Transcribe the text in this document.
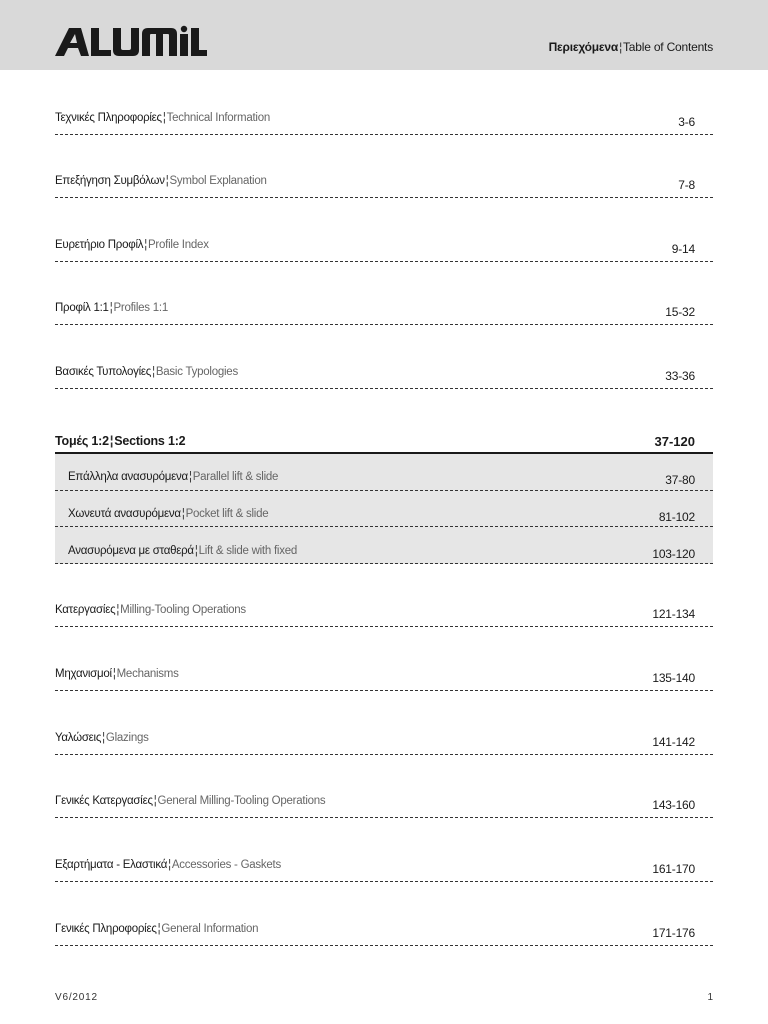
Περιεχόμενα¦Table of Contents
Τεχνικές Πληροφορίες¦Technical Information	3-6
Επεξήγηση Συμβόλων¦Symbol Explanation	7-8
Ευρετήριο Προφίλ¦Profile Index	9-14
Προφίλ 1:1¦Profiles 1:1	15-32
Βασικές Τυπολογίες¦Basic Typologies	33-36
Τομές 1:2¦Sections 1:2	37-120
Επάλληλα ανασυρόμενα¦Parallel lift & slide	37-80
Χωνευτά ανασυρόμενα¦Pocket lift & slide	81-102
Ανασυρόμενα με σταθερά¦Lift & slide with fixed	103-120
Κατεργασίες¦Milling-Tooling Operations	121-134
Μηχανισμοί¦Mechanisms	135-140
Υαλώσεις¦Glazings	141-142
Γενικές Κατεργασίες¦General Milling-Tooling Operations	143-160
Εξαρτήματα - Ελαστικά¦Accessories - Gaskets	161-170
Γενικές Πληροφορίες¦General Information	171-176
V6/2012	1
